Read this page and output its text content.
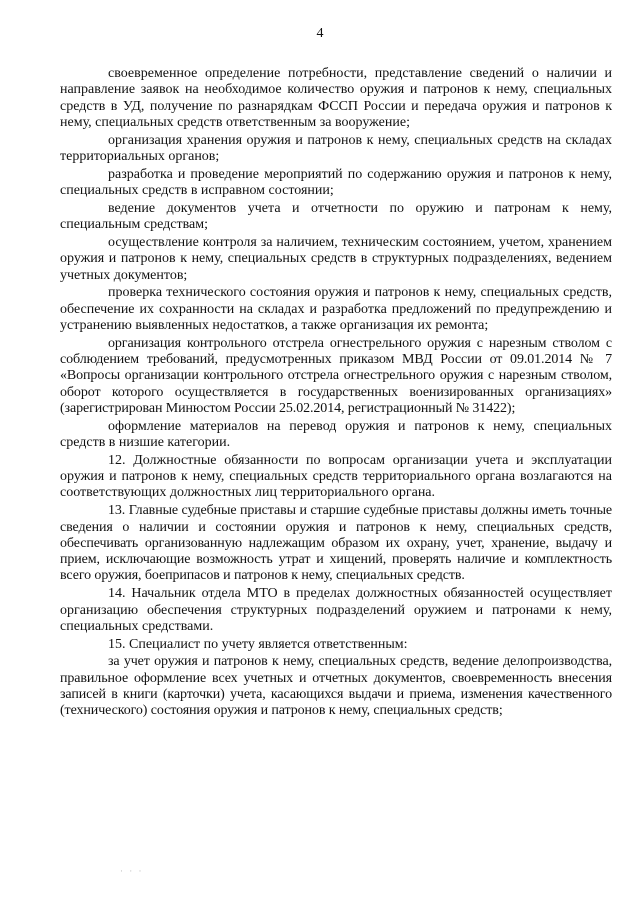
4

своевременное определение потребности, представление сведений о наличии и направление заявок на необходимое количество оружия и патронов к нему, специальных средств в УД, получение по разнарядкам ФССП России и передача оружия и патронов к нему, специальных средств ответственным за вооружение;

организация хранения оружия и патронов к нему, специальных средств на складах территориальных органов;

разработка и проведение мероприятий по содержанию оружия и патронов к нему, специальных средств в исправном состоянии;

ведение документов учета и отчетности по оружию и патронам к нему, специальным средствам;

осуществление контроля за наличием, техническим состоянием, учетом, хранением оружия и патронов к нему, специальных средств в структурных подразделениях, ведением учетных документов;

проверка технического состояния оружия и патронов к нему, специальных средств, обеспечение их сохранности на складах и разработка предложений по предупреждению и устранению выявленных недостатков, а также организация их ремонта;

организация контрольного отстрела огнестрельного оружия с нарезным стволом с соблюдением требований, предусмотренных приказом МВД России от 09.01.2014 № 7 «Вопросы организации контрольного отстрела огнестрельного оружия с нарезным стволом, оборот которого осуществляется в государственных военизированных организациях» (зарегистрирован Минюстом России 25.02.2014, регистрационный № 31422);

оформление материалов на перевод оружия и патронов к нему, специальных средств в низшие категории.

12. Должностные обязанности по вопросам организации учета и эксплуатации оружия и патронов к нему, специальных средств территориального органа возлагаются на соответствующих должностных лиц территориального органа.

13. Главные судебные приставы и старшие судебные приставы должны иметь точные сведения о наличии и состоянии оружия и патронов к нему, специальных средств, обеспечивать организованную надлежащим образом их охрану, учет, хранение, выдачу и прием, исключающие возможность утрат и хищений, проверять наличие и комплектность всего оружия, боеприпасов и патронов к нему, специальных средств.

14. Начальник отдела МТО в пределах должностных обязанностей осуществляет организацию обеспечения структурных подразделений оружием и патронами к нему, специальных средствами.

15. Специалист по учету является ответственным:

за учет оружия и патронов к нему, специальных средств, ведение делопроизводства, правильное оформление всех учетных и отчетных документов, своевременность внесения записей в книги (карточки) учета, касающихся выдачи и приема, изменения качественного (технического) состояния оружия и патронов к нему, специальных средств;

· · ·
